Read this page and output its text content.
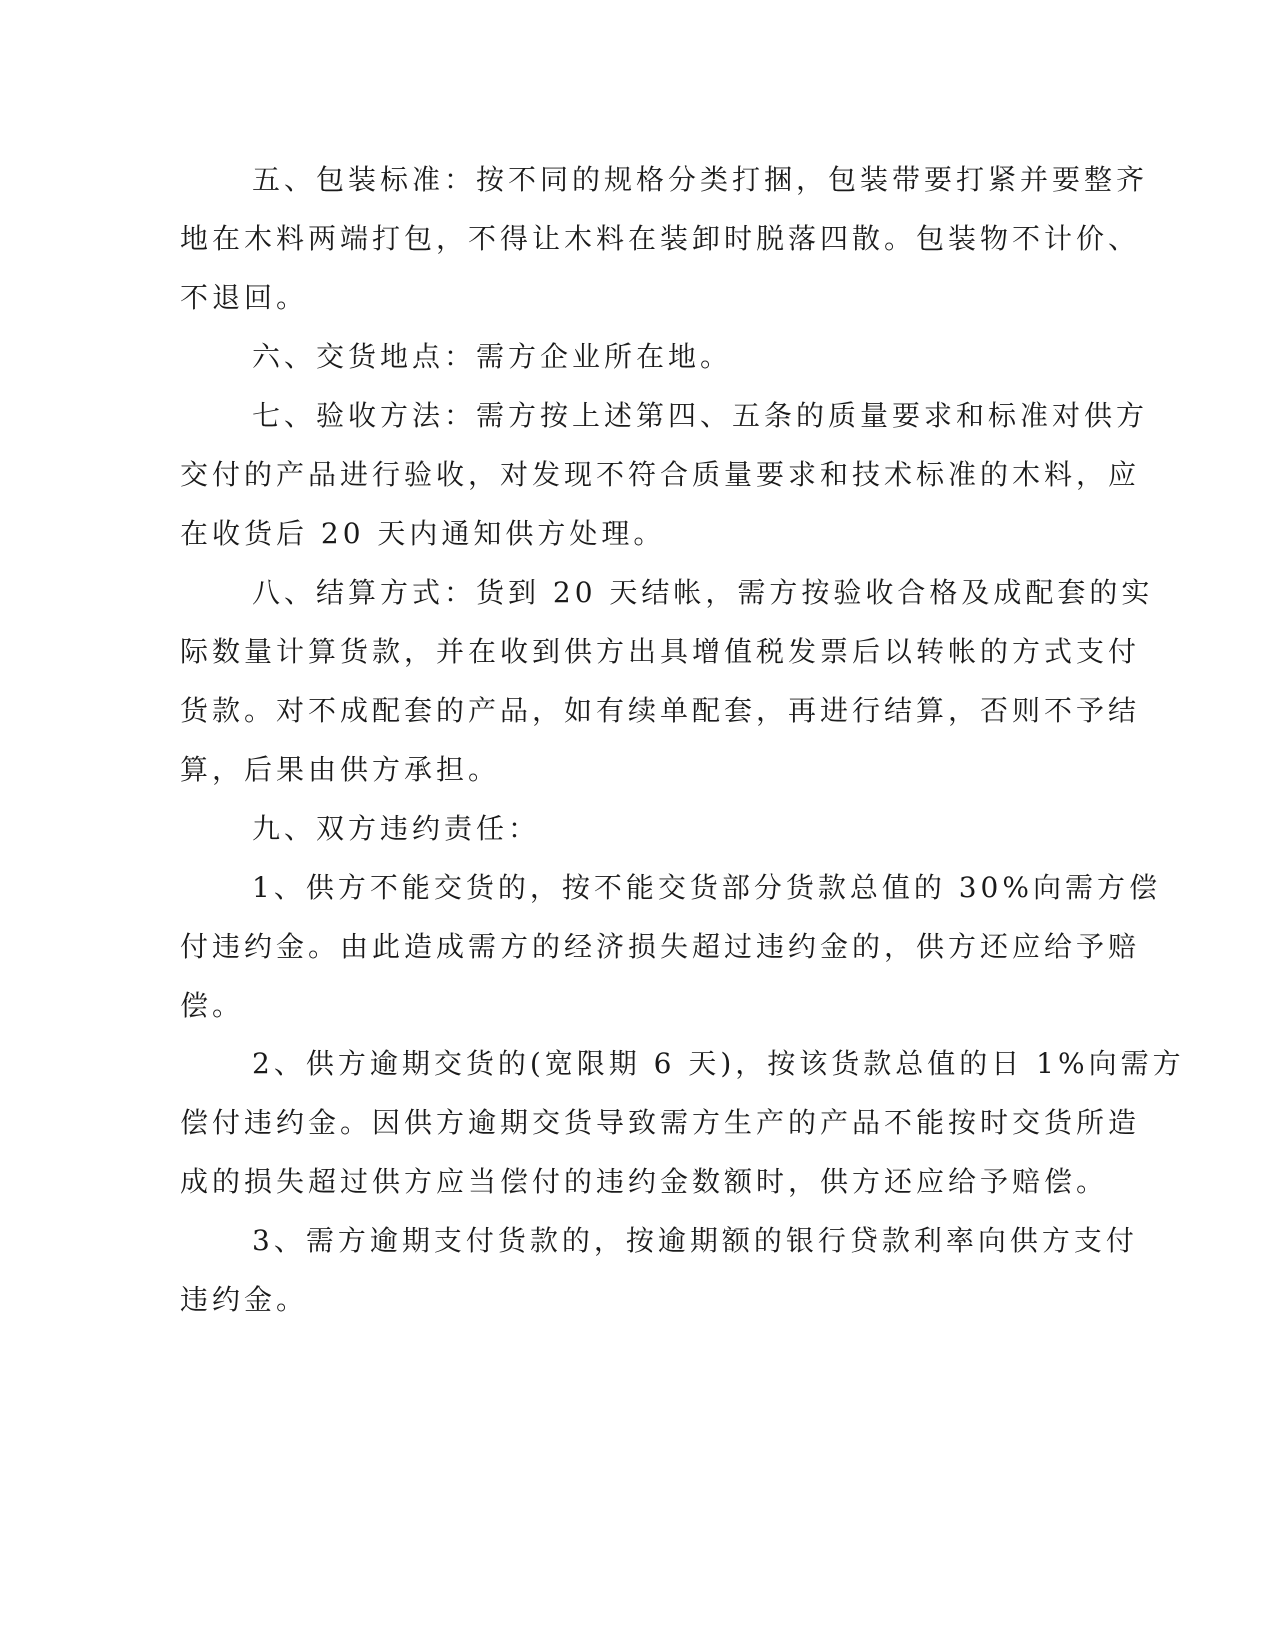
五、包装标准：按不同的规格分类打捆，包装带要打紧并要整齐

地在木料两端打包，不得让木料在装卸时脱落四散。包装物不计价、

不退回。

六、交货地点：需方企业所在地。

七、验收方法：需方按上述第四、五条的质量要求和标准对供方

交付的产品进行验收，对发现不符合质量要求和技术标准的木料，应

在收货后 20 天内通知供方处理。

八、结算方式：货到 20 天结帐，需方按验收合格及成配套的实

际数量计算货款，并在收到供方出具增值税发票后以转帐的方式支付

货款。对不成配套的产品，如有续单配套，再进行结算，否则不予结

算，后果由供方承担。

九、双方违约责任：

1、供方不能交货的，按不能交货部分货款总值的 30%向需方偿

付违约金。由此造成需方的经济损失超过违约金的，供方还应给予赔

偿。

2、供方逾期交货的(宽限期 6 天)，按该货款总值的日 1%向需方

偿付违约金。因供方逾期交货导致需方生产的产品不能按时交货所造

成的损失超过供方应当偿付的违约金数额时，供方还应给予赔偿。

3、需方逾期支付货款的，按逾期额的银行贷款利率向供方支付

违约金。
